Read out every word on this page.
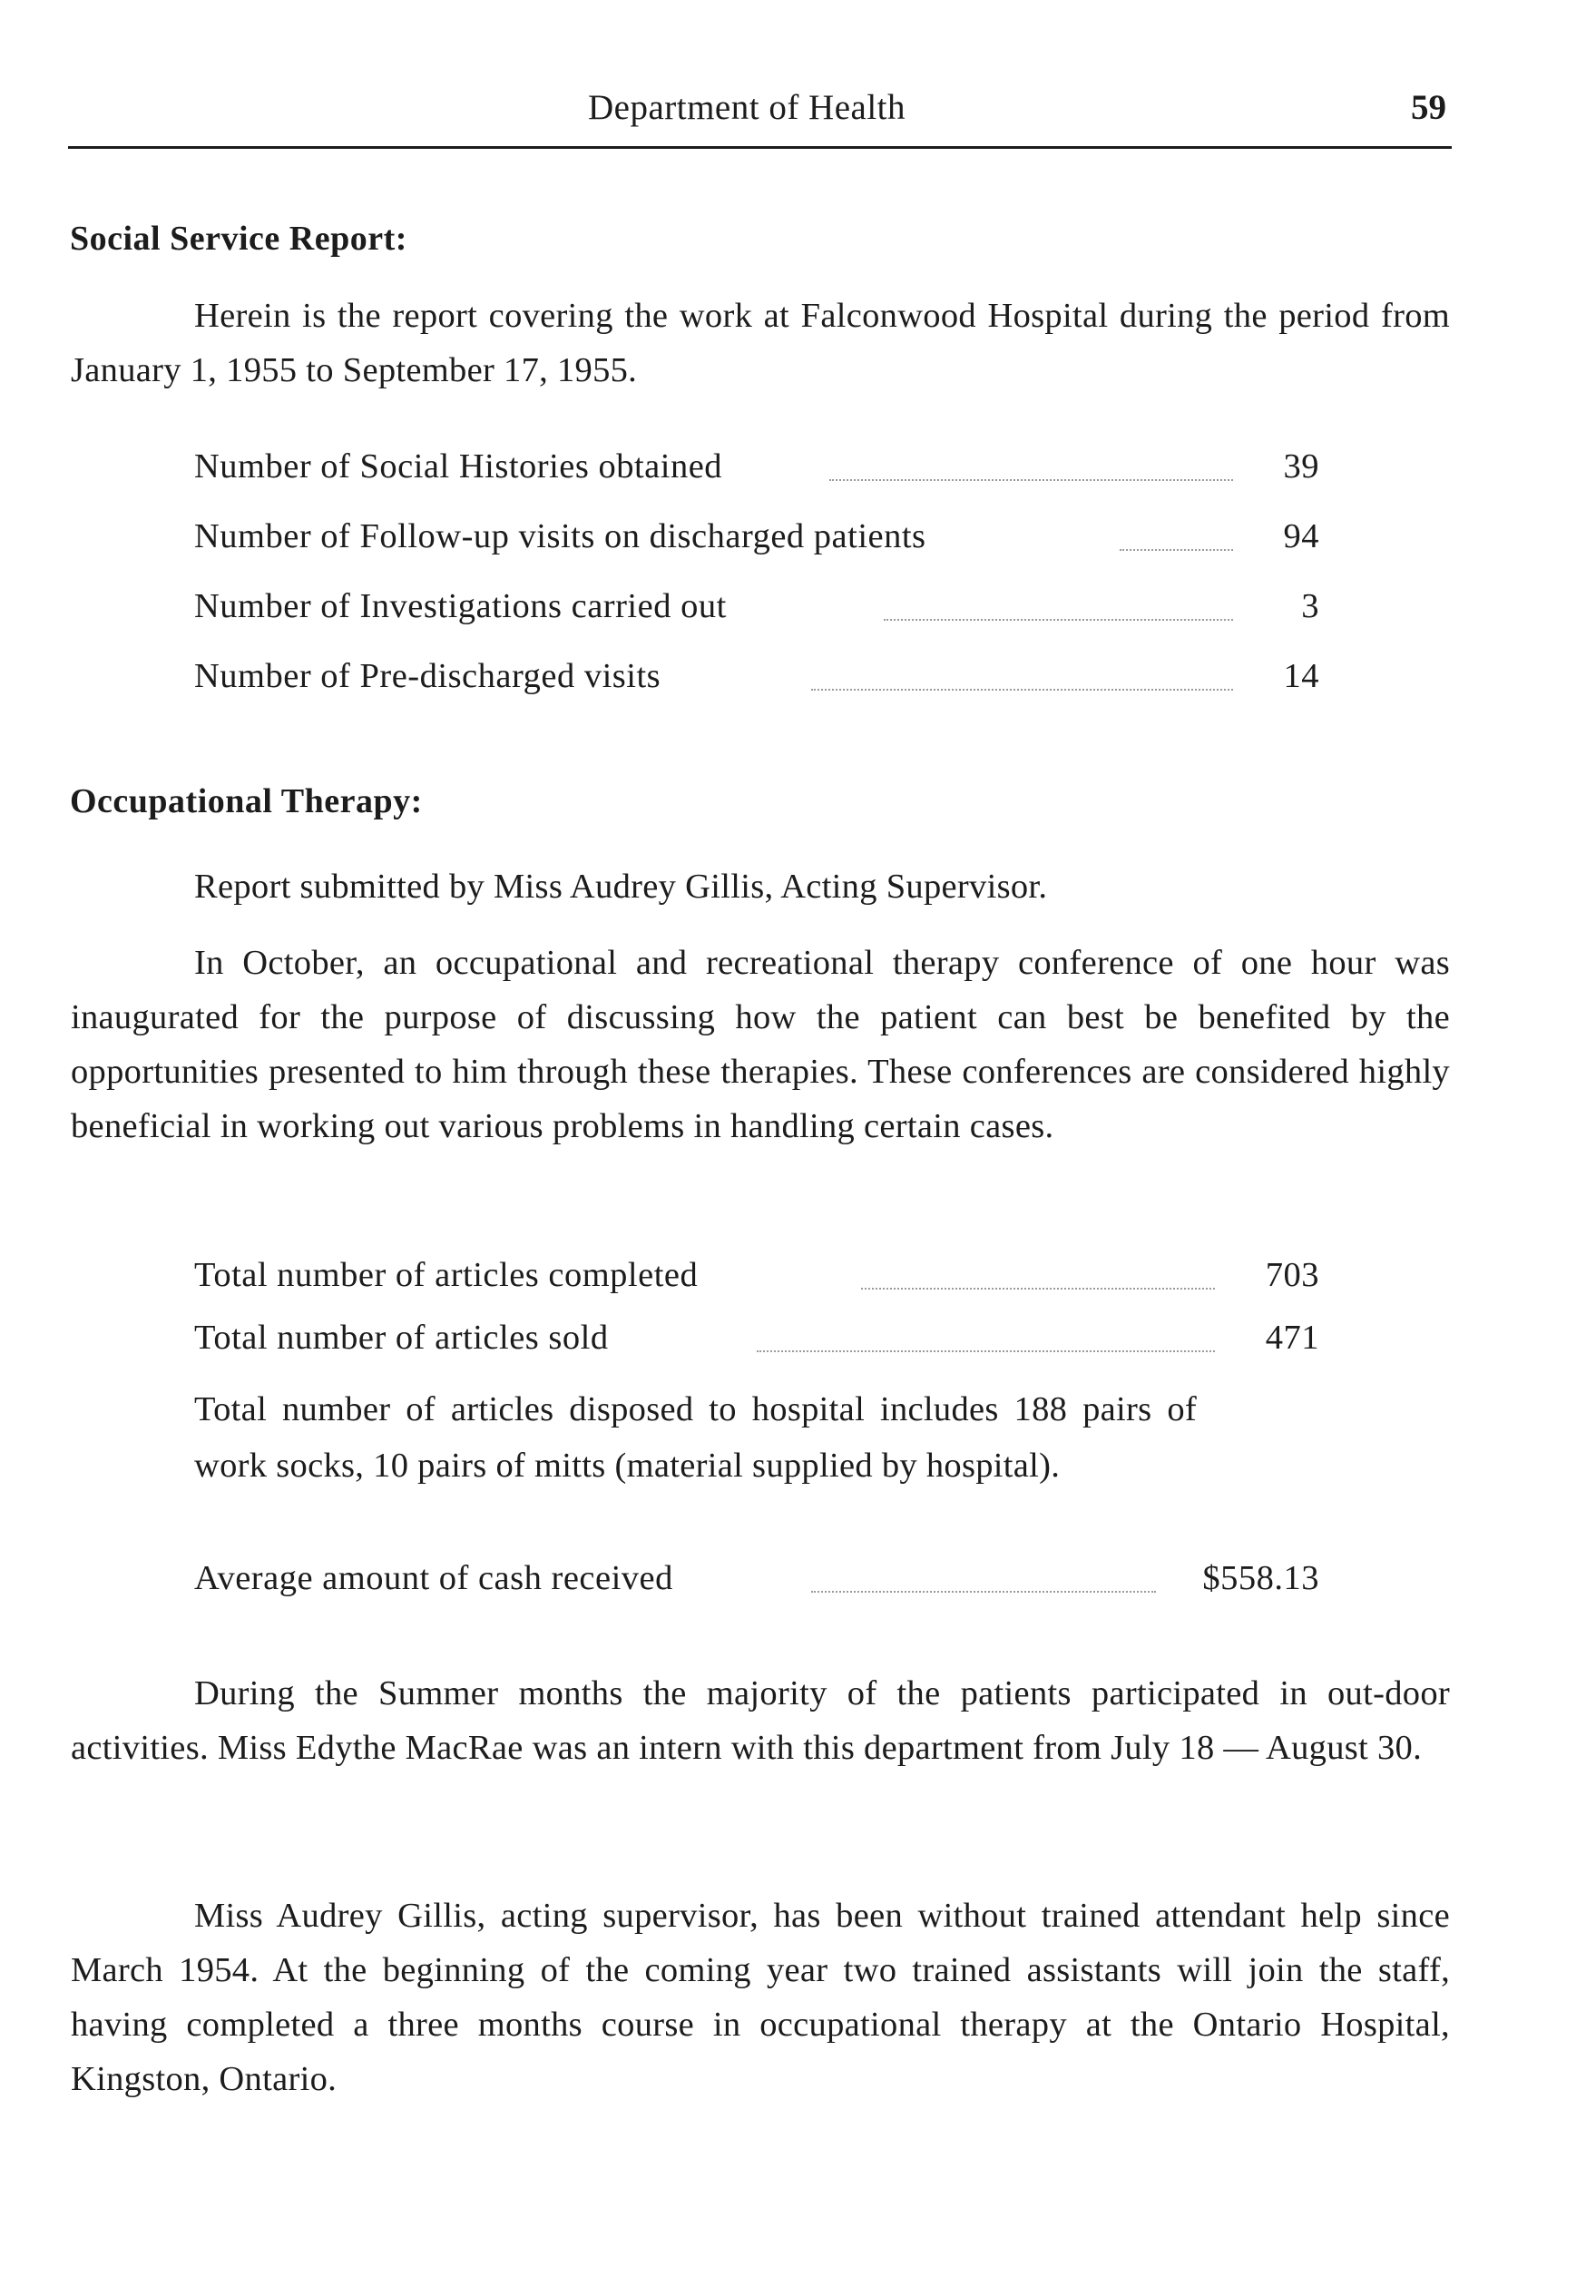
Department of Health	59
Social Service Report:
Herein is the report covering the work at Falconwood Hospital during the period from January 1, 1955 to September 17, 1955.
Number of Social Histories obtained	39
Number of Follow-up visits on discharged patients	94
Number of Investigations carried out	3
Number of Pre-discharged visits	14
Occupational Therapy:
Report submitted by Miss Audrey Gillis, Acting Supervisor.
In October, an occupational and recreational therapy conference of one hour was inaugurated for the purpose of discussing how the patient can best be benefited by the opportunities presented to him through these therapies. These conferences are considered highly beneficial in working out various problems in handling certain cases.
Total number of articles completed	703
Total number of articles sold	471
Total number of articles disposed to hospital includes 188 pairs of work socks, 10 pairs of mitts (material supplied by hospital).
Average amount of cash received	$558.13
During the Summer months the majority of the patients participated in out-door activities. Miss Edythe MacRae was an intern with this department from July 18 — August 30.
Miss Audrey Gillis, acting supervisor, has been without trained attendant help since March 1954. At the beginning of the coming year two trained assistants will join the staff, having completed a three months course in occupational therapy at the Ontario Hospital, Kingston, Ontario.
